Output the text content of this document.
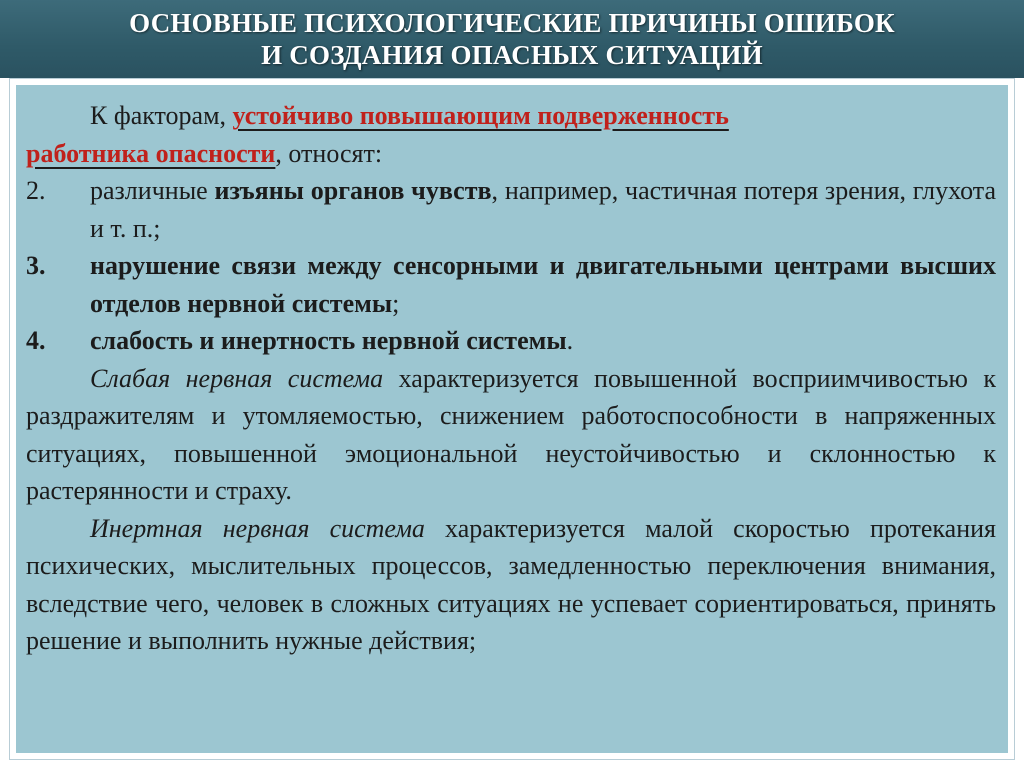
ОСНОВНЫЕ ПСИХОЛОГИЧЕСКИЕ ПРИЧИНЫ ОШИБОК
И СОЗДАНИЯ ОПАСНЫХ СИТУАЦИЙ
К факторам, устойчиво повышающим подверженность
работника опасности, относят:
2.	различные изъяны органов чувств, например, частичная потеря зрения, глухота и т. п.;
3.	нарушение связи между сенсорными и двигательными центрами высших отделов нервной системы;
4.	слабость и инертность нервной системы.
Слабая нервная система характеризуется повышенной восприимчивостью к раздражителям и утомляемостью, снижением работоспособности в напряженных ситуациях, повышенной эмоциональной неустойчивостью и склонностью к растерянности и страху.
Инертная нервная система характеризуется малой скоростью протекания психических, мыслительных процессов, замедленностью переключения внимания, вследствие чего, человек в сложных ситуациях не успевает сориентироваться, принять решение и выполнить нужные действия;
